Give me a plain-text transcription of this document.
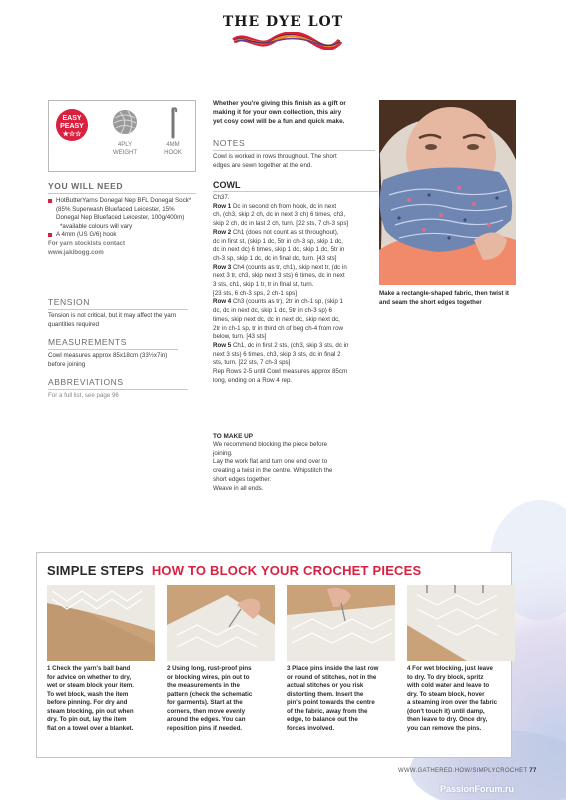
THE DYE LOT
EASY
PEASY
★☆☆
4PLY
WEIGHT
4MM
HOOK
YOU WILL NEED
HotButterYarns Donegal Nep BFL Donegal Sock* (85% Superwash Bluefaced Leicester, 15% Donegal Nep Bluefaced Leicester, 100g/400m)
*available colours will vary
A 4mm (US G/6) hook
For yarn stockists contact
www.jakibogg.com
TENSION
Tension is not critical, but it may affect the yarn quantities required
MEASUREMENTS
Cowl measures approx 85x18cm (33½x7in) before joining
ABBREVIATIONS
For a full list, see page 96
Whether you're giving this finish as a gift or
making it for your own collection, this airy
yet cosy cowl will be a fun and quick make.
NOTES
Cowl is worked in rows throughout. The short
edges are sewn together at the end.
COWL
Ch37.
Row 1 Dc in second ch from hook, dc in next
ch, (ch3, skip 2 ch, dc in next 3 ch) 6 times, ch3,
skip 2 ch, dc in last 2 ch, turn. [22 sts, 7 ch-3 sps]
Row 2 Ch1 (does not count as st throughout),
dc in first st, (skip 1 dc, 5tr in ch-3 sp, skip 1 dc,
dc in next dc) 6 times, skip 1 dc, skip 1 dc, 5tr in
ch-3 sp, skip 1 dc, dc in final dc, turn. [43 sts]
Row 3 Ch4 (counts as tr, ch1), skip next tr, (dc in
next 3 tr, ch3, skip next 3 sts) 6 times, dc in next
3 sts, ch1, skip 1 tr, tr in final st, turn.
[23 sts, 6 ch-3 sps, 2 ch-1 sps]
Row 4 Ch3 (counts as tr), 2tr in ch-1 sp, (skip 1
dc, dc in next dc, skip 1 dc, 5tr in ch-3 sp) 6
times, skip next dc, dc in next dc, skip next dc,
2tr in ch-1 sp, tr in third ch of beg ch-4 from row
below, turn. [43 sts]
Row 5 Ch1, dc in first 2 sts, (ch3, skip 3 sts, dc in
next 3 sts) 6 times, ch3, skip 3 sts, dc in final 2
sts, turn. [22 sts, 7 ch-3 sps]
Rep Rows 2-5 until Cowl measures approx 85cm
long, ending on a Row 4 rep.
TO MAKE UP
We recommend blocking the piece before
joining.
Lay the work flat and turn one end over to
creating a twist in the centre. Whipstitch the
short edges together.
Weave in all ends.
Make a rectangle-shaped fabric, then twist it
and seam the short edges together
SIMPLE STEPS HOW TO BLOCK YOUR CROCHET PIECES
1 Check the yarn's ball band
for advice on whether to dry,
wet or steam block your item.
To wet block, wash the item
before pinning. For dry and
steam blocking, pin out when
dry. To pin out, lay the item
flat on a towel over a blanket.
2 Using long, rust-proof pins
or blocking wires, pin out to
the measurements in the
pattern (check the schematic
for garments). Start at the
corners, then move evenly
around the edges. You can
reposition pins if needed.
3 Place pins inside the last row
or round of stitches, not in the
actual stitches or you risk
distorting them. Insert the
pin's point towards the centre
of the fabric, away from the
edge, to balance out the
forces involved.
4 For wet blocking, just leave
to dry. To dry block, spritz
with cold water and leave to
dry. To steam block, hover
a steaming iron over the fabric
(don't touch it) until damp,
then leave to dry. Once dry,
you can remove the pins.
WWW.GATHERED.HOW/SIMPLYCROCHET 77
PassionForum.ru
